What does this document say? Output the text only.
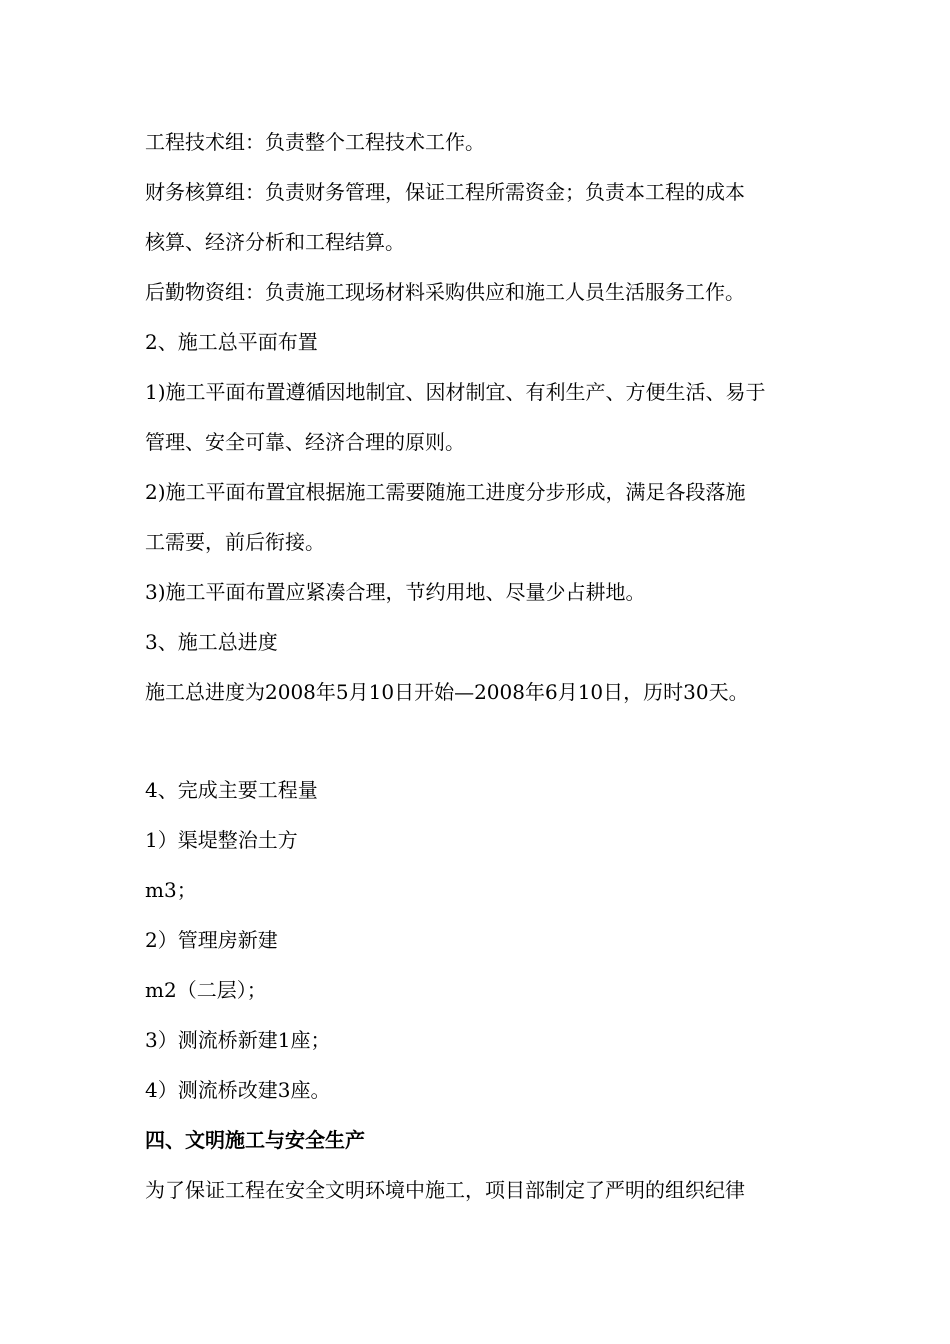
工程技术组：负责整个工程技术工作。
财务核算组：负责财务管理，保证工程所需资金；负责本工程的成本
核算、经济分析和工程结算。
后勤物资组：负责施工现场材料采购供应和施工人员生活服务工作。
2、施工总平面布置
1)施工平面布置遵循因地制宜、因材制宜、有利生产、方便生活、易于
管理、安全可靠、经济合理的原则。
2)施工平面布置宜根据施工需要随施工进度分步形成，满足各段落施
工需要，前后衔接。
3)施工平面布置应紧凑合理，节约用地、尽量少占耕地。
3、施工总进度
施工总进度为2008年5月10日开始—2008年6月10日，历时30天。
4、完成主要工程量
1）渠堤整治土方
m3；
2）管理房新建
m2（二层）；
3）测流桥新建1座；
4）测流桥改建3座。
四、文明施工与安全生产
为了保证工程在安全文明环境中施工，项目部制定了严明的组织纪律
